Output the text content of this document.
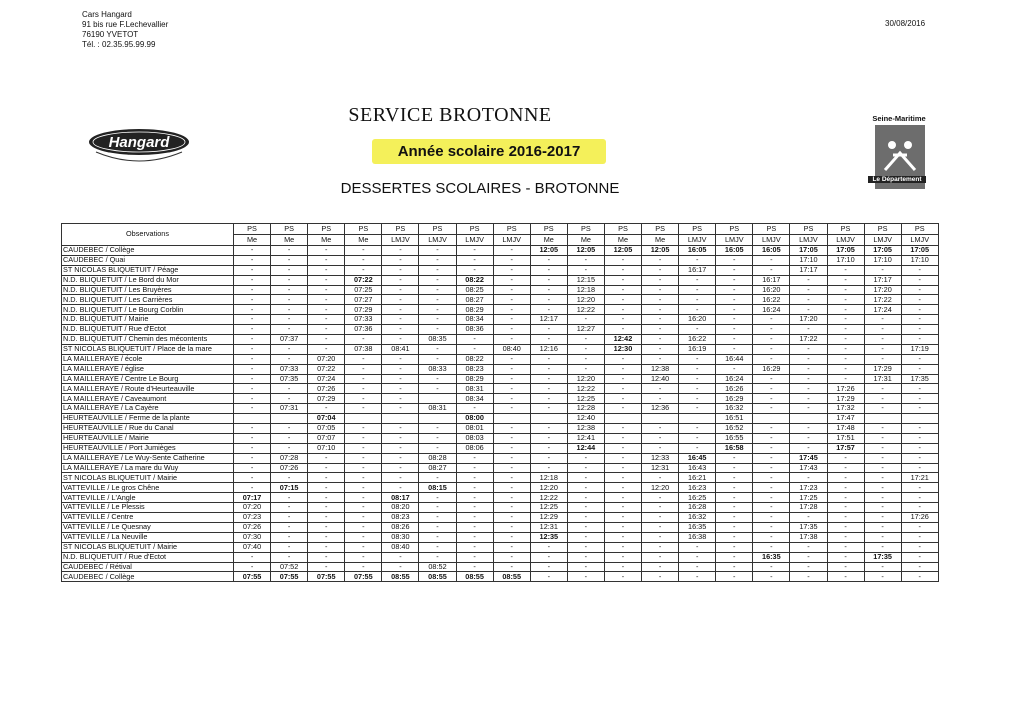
Cars Hangard
91 bis rue F.Lechevallier
76190 YVETOT
Tél. : 02.35.95.99.99
30/08/2016
Hangard
SERVICE BROTONNE
Année scolaire 2016-2017
DESSERTES SCOLAIRES - BROTONNE
Seine-Maritime
Le Département
Observations	PS	PS	PS	PS	PS	PS	PS	PS	PS	PS	PS	PS	PS	PS	PS	PS	PS	PS	PS
	Me	Me	Me	Me	LMJV	LMJV	LMJV	LMJV	Me	Me	Me	Me	LMJV	LMJV	LMJV	LMJV	LMJV	LMJV	LMJV
CAUDEBEC / Collège	-	-	-	-	-	-	-	-	12:05	12:05	12:05	12:05	16:05	16:05	16:05	17:05	17:05	17:05	17:05
CAUDEBEC / Quai	-	-	-	-	-	-	-	-	-	-	-	-	-	-	-	17:10	17:10	17:10	17:10
ST NICOLAS BLIQUETUIT / Péage	-	-	-	-	-	-	-	-	-	-	-	-	16:17	-	-	17:17	-	-	-
N.D. BLIQUETUIT / Le Bord du Mor	-	-	-	07:22	-	-	08:22	-	-	12:15	-	-	-	-	16:17	-	-	17:17	-
N.D. BLIQUETUIT / Les Bruyères	-	-	-	07:25	-	-	08:25	-	-	12:18	-	-	-	-	16:20	-	-	17:20	-
N.D. BLIQUETUIT / Les Carrières	-	-	-	07:27	-	-	08:27	-	-	12:20	-	-	-	-	16:22	-	-	17:22	-
N.D. BLIQUETUIT / Le Bourg Corblin	-	-	-	07:29	-	-	08:29	-	-	12:22	-	-	-	-	16:24	-	-	17:24	-
N.D. BLIQUETUIT / Mairie	-	-	-	07:33	-	-	08:34	-	12:17	-	-	-	16:20	-	-	17:20	-	-	-
N.D. BLIQUETUIT / Rue d'Ectot	-	-	-	07:36	-	-	08:36	-	-	12:27	-	-	-	-	-	-	-	-	-
N.D. BLIQUETUIT / Chemin des mécontents	-	07:37	-	-	-	08:35	-	-	-	-	12:42	-	16:22	-	-	17:22	-	-	-
ST NICOLAS BLIQUETUIT / Place de la mare	-	-	-	07:38	08:41	-	-	08:40	12:16	-	12:30	-	16:19	-	-	-	-	-	17:19
LA MAILLERAYE / école	-	-	07:20	-	-	-	08:22	-	-	-	-	-	-	16:44	-	-	-	-	-
LA MAILLERAYE / église	-	07:33	07:22	-	-	08:33	08:23	-	-	-	-	12:38	-	-	16:29	-	-	17:29	-
LA MAILLERAYE / Centre Le Bourg	-	07:35	07:24	-	-	-	08:29	-	-	12:20	-	12:40	-	16:24	-	-	-	17:31	17:35
LA MAILLERAYE / Route d'Heurteauville	-	-	07:26	-	-	-	08:31	-	-	12:22	-	-	-	16:26	-	-	17:26	-	-
LA MAILLERAYE / Caveaumont	-	-	07:29	-	-		08:34	-	-	12:25	-	-	-	16:29	-	-	17:29	-	-
LA MAILLERAYE / La Cayère	-	07:31	-	-	-	08:31	-	-	-	12:28	-	12:36	-	16:32	-	-	17:32	-	-
HEURTEAUVILLE / Ferme de la plante			07:04				08:00			12:40				16:51			17:47		
HEURTEAUVILLE / Rue du Canal	-	-	07:05	-	-	-	08:01	-	-	12:38	-	-	-	16:52	-	-	17:48	-	-
HEURTEAUVILLE / Mairie	-	-	07:07	-	-	-	08:03	-	-	12:41	-	-	-	16:55	-	-	17:51	-	-
HEURTEAUVILLE / Port Jumièges	-	-	07:10	-	-	-	08:06	-	-	12:44	-	-	-	16:58	-	-	17:57	-	-
LA MAILLERAYE / Le Wuy-Sente Catherine	-	07:28	-	-	-	08:28	-	-	-	-	-	12:33	16:45	-	-	17:45	-	-	-
LA MAILLERAYE / La mare du Wuy	-	07:26	-	-	-	08:27	-	-	-	-	-	12:31	16:43	-	-	17:43	-	-	-
ST NICOLAS BLIQUETUIT / Mairie	-	-	-	-	-	-	-	-	12:18	-	-	-	16:21	-	-	-	-	-	17:21
VATTEVILLE / Le gros Chêne	-	07:15	-	-	-	08:15	-	-	12:20	-	-	12:20	16:23	-	-	17:23	-	-	-
VATTEVILLE / L'Angle	07:17	-	-	-	08:17	-	-	-	12:22	-	-	-	16:25	-	-	17:25	-	-	-
VATTEVILLE / Le Plessis	07:20	-	-	-	08:20	-	-	-	12:25	-	-	-	16:28	-	-	17:28	-	-	-
VATTEVILLE / Centre	07:23	-	-	-	08:23	-	-	-	12:29	-	-	-	16:32	-	-	-	-	-	17:26
VATTEVILLE / Le Quesnay	07:26	-	-	-	08:26	-	-	-	12:31	-	-	-	16:35	-	-	17:35	-	-	-
VATTEVILLE / La Neuville	07:30	-	-	-	08:30	-	-	-	12:35	-	-	-	16:38	-	-	17:38	-	-	-
ST NICOLAS BLIQUETUIT / Mairie	07:40	-	-	-	08:40	-	-	-	-	-	-	-	-	-	-	-	-	-	-
N.D. BLIQUETUIT / Rue d'Ectot	-	-	-	-	-	-	-	-	-	-	-	-	-	-	16:35	-	-	17:35	-
CAUDEBEC / Rétival	-	07:52	-	-	-	08:52	-	-	-	-	-	-	-	-	-	-	-	-	-
CAUDEBEC / Collège	07:55	07:55	07:55	07:55	08:55	08:55	08:55	08:55	-	-	-	-	-	-	-	-	-	-	-
